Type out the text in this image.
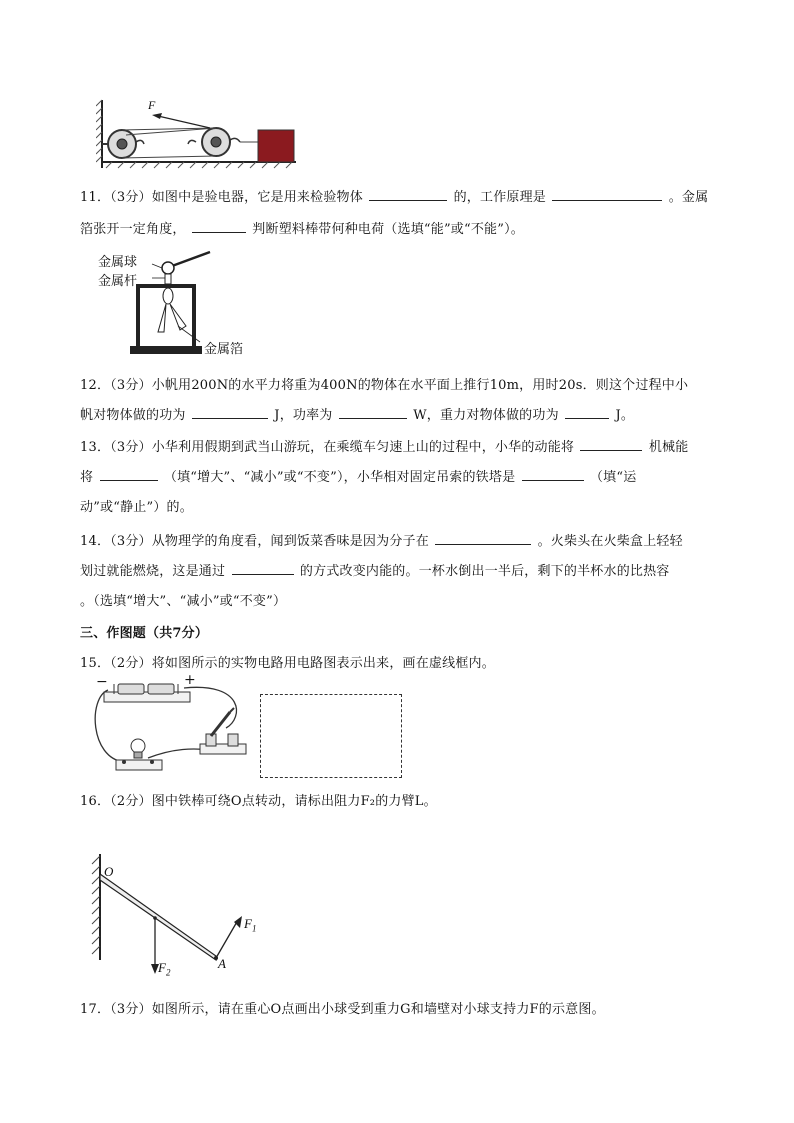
F
11．（3分）如图中是验电器，它是用来检验物体	的，工作原理是	。金属
箔张开一定角度，	判断塑料棒带何种电荷（选填“能”或“不能”）。
金属球
金属杆
金属箔
12．（3分）小帆用200N的水平力将重为400N的物体在水平面上推行10m，用时20s．则这个过程中小
帆对物体做的功为	J，功率为	W，重力对物体做的功为	J。
13．（3分）小华利用假期到武当山游玩，在乘缆车匀速上山的过程中，小华的动能将	机械能
将	（填“增大”、“减小”或“不变”），小华相对固定吊索的铁塔是	（填“运
动”或“静止”）的。
14．（3分）从物理学的角度看，闻到饭菜香味是因为分子在	。火柴头在火柴盒上轻轻
划过就能燃烧，这是通过	的方式改变内能的。一杯水倒出一半后，剩下的半杯水的比热容
。（选填“增大”、“减小”或“不变”）
三、作图题（共7分）
15．（2分）将如图所示的实物电路用电路图表示出来，画在虚线框内。
−	+
16．（2分）图中铁棒可绕O点转动，请标出阻力F₂的力臂L。
O
A
$F_1$
$F_2$
17．（3分）如图所示，请在重心O点画出小球受到重力G和墙壁对小球支持力F的示意图。
